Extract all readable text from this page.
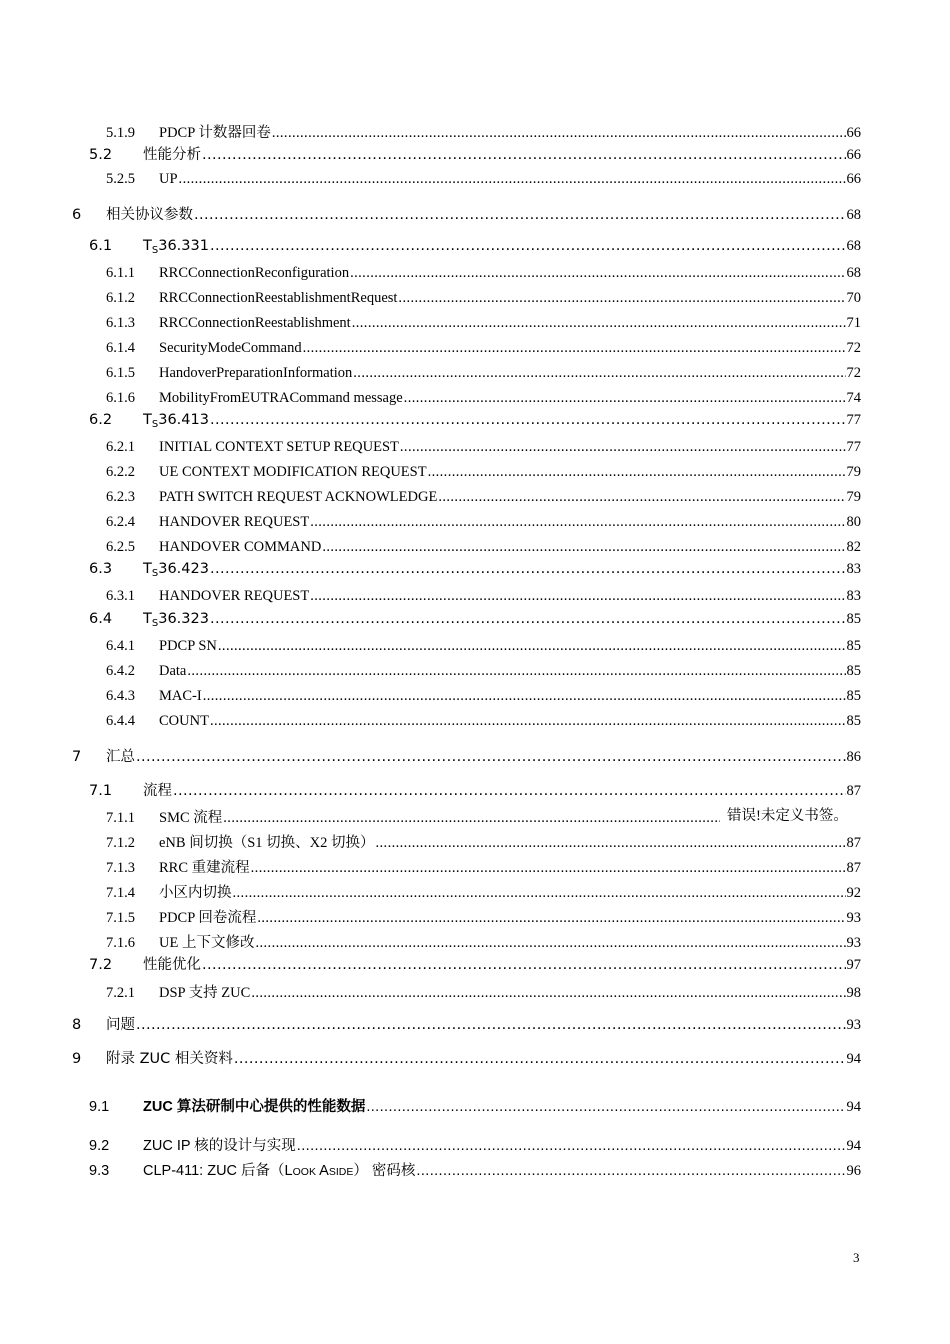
5.1.9	PDCP 计数器回卷 .....	66
5.2	性能分析 .....	66
5.2.5	UP .....	66
6	相关协议参数 .....	68
6.1	$T_S36.331$ .....	68
6.1.1	RRCConnectionReconfiguration .....	68
6.1.2	RRCConnectionReestablishmentRequest .....	70
6.1.3	RRCConnectionReestablishment .....	71
6.1.4	SecurityModeCommand .....	72
6.1.5	HandoverPreparationInformation .....	72
6.1.6	MobilityFromEUTRACommand message .....	74
6.2	$T_S36.413$ .....	77
6.2.1	INITIAL CONTEXT SETUP REQUEST .....	77
6.2.2	UE CONTEXT MODIFICATION REQUEST .....	79
6.2.3	PATH SWITCH REQUEST ACKNOWLEDGE .....	79
6.2.4	HANDOVER REQUEST .....	80
6.2.5	HANDOVER COMMAND .....	82
6.3	$T_S36.423$ .....	83
6.3.1	HANDOVER REQUEST .....	83
6.4	$T_S36.323$ .....	85
6.4.1	PDCP SN .....	85
6.4.2	Data .....	85
6.4.3	MAC-I .....	85
6.4.4	COUNT .....	85
7	汇总 .....	86
7.1	流程 .....	87
7.1.1	SMC 流程 .....	错误!未定义书签。
7.1.2	eNB 间切换（S1 切换、X2 切换） .....	87
7.1.3	RRC 重建流程 .....	87
7.1.4	小区内切换 .....	92
7.1.5	PDCP 回卷流程 .....	93
7.1.6	UE 上下文修改 .....	93
7.2	性能优化 .....	97
7.2.1	DSP 支持 ZUC .....	98
8	问题 .....	93
9	附录 ZUC 相关资料 .....	94
9.1	ZUC 算法研制中心提供的性能数据 .....	94
9.2	ZUC IP 核的设计与实现 .....	94
9.3	CLP-411: ZUC 后备（LOOK ASIDE） 密码核 .....	96
3
